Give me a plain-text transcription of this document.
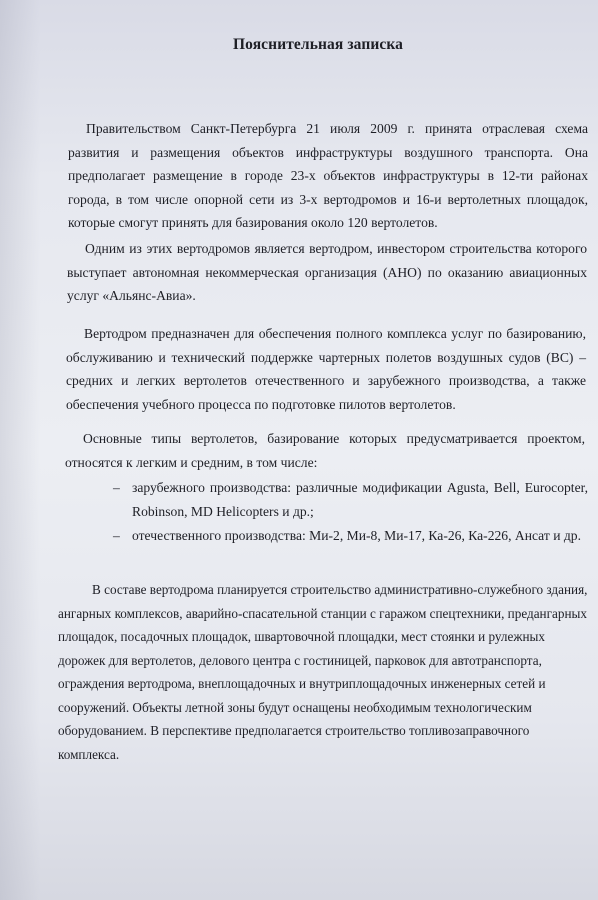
Пояснительная записка

Правительством Санкт-Петербурга 21 июля 2009 г. принята отраслевая схема развития и размещения объектов инфраструктуры воздушного транспорта. Она предполагает размещение в городе 23-х объектов инфраструктуры в 12-ти районах города, в том числе опорной сети из 3-х вертодромов и 16-и вертолетных площадок, которые смогут принять для базирования около 120 вертолетов.

Одним из этих вертодромов является вертодром, инвестором строительства которого выступает автономная некоммерческая организация (АНО) по оказанию авиационных услуг «Альянс-Авиа».

Вертодром предназначен для обеспечения полного комплекса услуг по базированию, обслуживанию и технический поддержке чартерных полетов воздушных судов (ВС) – средних и легких вертолетов отечественного и зарубежного производства, а также обеспечения учебного процесса по подготовке пилотов вертолетов.

Основные типы вертолетов, базирование которых предусматривается проектом, относятся к легким и средним, в том числе:

– зарубежного производства: различные модификации Agusta, Bell, Eurocopter, Robinson, MD Helicopters и др.;
– отечественного производства: Ми-2, Ми-8, Ми-17, Ка-26, Ка-226, Ансат и др.

В составе вертодрома планируется строительство административно-служебного здания, ангарных комплексов, аварийно-спасательной станции с гаражом спецтехники, предангарных площадок, посадочных площадок, швартовочной площадки, мест стоянки и рулежных дорожек для вертолетов, делового центра с гостиницей, парковок для автотранспорта, ограждения вертодрома, внеплощадочных и внутриплощадочных инженерных сетей и сооружений. Объекты летной зоны будут оснащены необходимым технологическим оборудованием. В перспективе предполагается строительство топливозаправочного комплекса.
